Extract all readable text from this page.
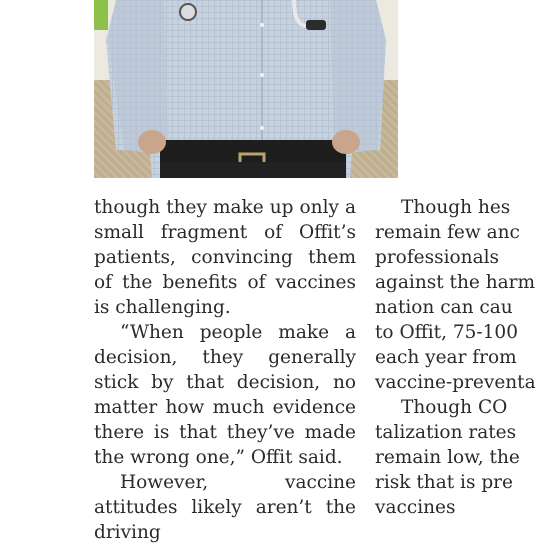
though they make up only a small fragment of Offit’s patients, convincing them of the benefits of vaccines is challenging.

“When people make a decision, they generally stick by that decision, no matter how much evidence there is that they’ve made the wrong one,” Offit said.

However, vaccine attitudes likely aren’t the driving

Though hes

remain few anc

professionals

against the harm

nation can cau

to Offit, 75-100

each year from

vaccine-preventa

Though CO

talization rates

remain low, the

risk that is pre

vaccines
